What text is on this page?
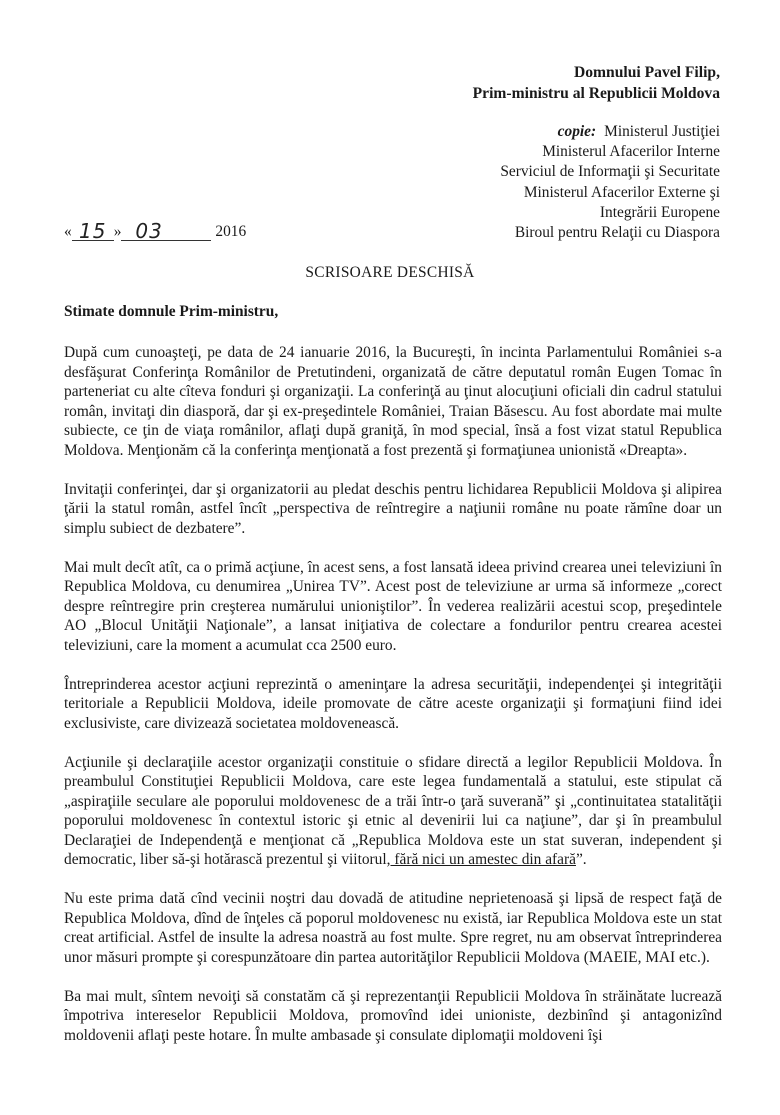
Domnului Pavel Filip,
Prim-ministru al Republicii Moldova
copie: Ministerul Justiţiei
Ministerul Afacerilor Interne
Serviciul de Informaţii şi Securitate
Ministerul Afacerilor Externe şi
Integrării Europene
Biroul pentru Relaţii cu Diaspora
« 15 » 03	2016
SCRISOARE DESCHISĂ
Stimate domnule Prim-ministru,

După cum cunoaşteţi, pe data de 24 ianuarie 2016, la Bucureşti, în incinta Parlamentului României s-a desfăşurat Conferinţa Românilor de Pretutindeni, organizată de către deputatul român Eugen Tomac în parteneriat cu alte cîteva fonduri şi organizaţii. La conferinţă au ţinut alocuţiuni oficiali din cadrul statului român, invitaţi din diasporă, dar şi ex-preşedintele României, Traian Băsescu. Au fost abordate mai multe subiecte, ce ţin de viaţa românilor, aflaţi după graniţă, în mod special, însă a fost vizat statul Republica Moldova. Menţionăm că la conferinţa menţionată a fost prezentă şi formaţiunea unionistă «Dreapta».

Invitaţii conferinţei, dar şi organizatorii au pledat deschis pentru lichidarea Republicii Moldova şi alipirea ţării la statul român, astfel încît „perspectiva de reîntregire a naţiunii române nu poate rămîne doar un simplu subiect de dezbatere”.

Mai mult decît atît, ca o primă acţiune, în acest sens, a fost lansată ideea privind crearea unei televiziuni în Republica Moldova, cu denumirea „Unirea TV”. Acest post de televiziune ar urma să informeze „corect despre reîntregire prin creşterea numărului unioniştilor”. În vederea realizării acestui scop, preşedintele AO „Blocul Unităţii Naţionale”, a lansat iniţiativa de colectare a fondurilor pentru crearea acestei televiziuni, care la moment a acumulat cca 2500 euro.

Întreprinderea acestor acţiuni reprezintă o ameninţare la adresa securităţii, independenţei şi integrităţii teritoriale a Republicii Moldova, ideile promovate de către aceste organizaţii şi formaţiuni fiind idei exclusiviste, care divizează societatea moldovenească.

Acţiunile şi declaraţiile acestor organizaţii constituie o sfidare directă a legilor Republicii Moldova. În preambulul Constituţiei Republicii Moldova, care este legea fundamentală a statului, este stipulat că „aspiraţiile seculare ale poporului moldovenesc de a trăi într-o ţară suverană” şi „continuitatea statalităţii poporului moldovenesc în contextul istoric şi etnic al devenirii lui ca naţiune”, dar şi în preambulul Declaraţiei de Independenţă e menţionat că „Republica Moldova este un stat suveran, independent şi democratic, liber să-şi hotărască prezentul şi viitorul, fără nici un amestec din afară”.

Nu este prima dată cînd vecinii noştri dau dovadă de atitudine neprietenoasă şi lipsă de respect faţă de Republica Moldova, dînd de înţeles că poporul moldovenesc nu există, iar Republica Moldova este un stat creat artificial. Astfel de insulte la adresa noastră au fost multe. Spre regret, nu am observat întreprinderea unor măsuri prompte şi corespunzătoare din partea autorităţilor Republicii Moldova (MAEIE, MAI etc.).

Ba mai mult, sîntem nevoiţi să constatăm că şi reprezentanţii Republicii Moldova în străinătate lucrează împotriva intereselor Republicii Moldova, promovînd idei unioniste, dezbinînd şi antagonizînd moldovenii aflaţi peste hotare. În multe ambasade şi consulate diplomaţii moldoveni îşi
